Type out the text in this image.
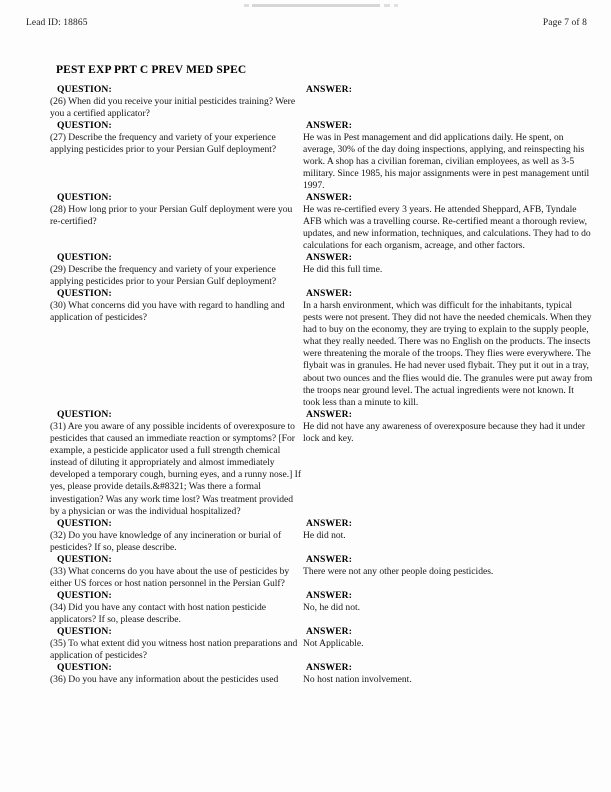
Lead ID: 18865	Page 7 of 8
PEST EXP PRT C PREV MED SPEC
QUESTION:	ANSWER:
(26) When did you receive your initial pesticides training? Were you a certified applicator?
QUESTION:	ANSWER:
(27) Describe the frequency and variety of your experience applying pesticides prior to your Persian Gulf deployment?
He was in Pest management and did applications daily. He spent, on average, 30% of the day doing inspections, applying, and reinspecting his work. A shop has a civilian foreman, civilian employees, as well as 3-5 military. Since 1985, his major assignments were in pest management until 1997.
QUESTION:	ANSWER:
(28) How long prior to your Persian Gulf deployment were you re-certified?
He was re-certified every 3 years. He attended Sheppard, AFB, Tyndale AFB which was a travelling course. Re-certified meant a thorough review, updates, and new information, techniques, and calculations. They had to do calculations for each organism, acreage, and other factors.
QUESTION:	ANSWER:
(29) Describe the frequency and variety of your experience applying pesticides prior to your Persian Gulf deployment?
He did this full time.
QUESTION:	ANSWER:
(30) What concerns did you have with regard to handling and application of pesticides?
In a harsh environment, which was difficult for the inhabitants, typical pests were not present. They did not have the needed chemicals. When they had to buy on the economy, they are trying to explain to the supply people, what they really needed. There was no English on the products. The insects were threatening the morale of the troops. They flies were everywhere. The flybait was in granules. He had never used flybait. They put it out in a tray, about two ounces and the flies would die. The granules were put away from the troops near ground level. The actual ingredients were not known. It took less than a minute to kill.
QUESTION:	ANSWER:
(31) Are you aware of any possible incidents of overexposure to pesticides that caused an immediate reaction or symptoms? [For example, a pesticide applicator used a full strength chemical instead of diluting it appropriately and almost immediately developed a temporary cough, burning eyes, and a runny nose.] If yes, please provide details.&#8321; Was there a formal investigation? Was any work time lost? Was treatment provided by a physician or was the individual hospitalized?
He did not have any awareness of overexposure because they had it under lock and key.
QUESTION:	ANSWER:
(32) Do you have knowledge of any incineration or burial of pesticides? If so, please describe.
He did not.
QUESTION:	ANSWER:
(33) What concerns do you have about the use of pesticides by either US forces or host nation personnel in the Persian Gulf?
There were not any other people doing pesticides.
QUESTION:	ANSWER:
(34) Did you have any contact with host nation pesticide applicators? If so, please describe.
No, he did not.
QUESTION:	ANSWER:
(35) To what extent did you witness host nation preparations and application of pesticides?
Not Applicable.
QUESTION:	ANSWER:
(36) Do you have any information about the pesticides used	No host nation involvement.
